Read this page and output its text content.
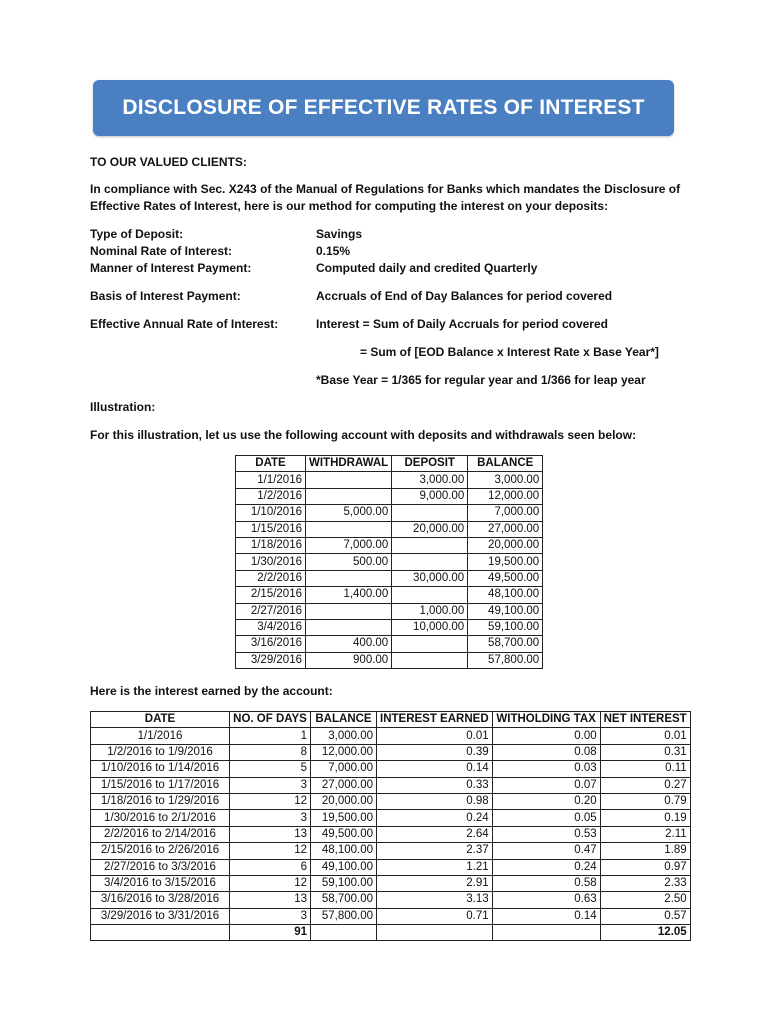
DISCLOSURE OF EFFECTIVE RATES OF INTEREST
TO OUR VALUED CLIENTS:
In compliance with Sec. X243 of the Manual of Regulations for Banks which mandates the Disclosure of
Effective Rates of Interest, here is our method for computing the interest on your deposits:
Type of Deposit:	Savings
Nominal Rate of Interest:	0.15%
Manner of Interest Payment:	Computed daily and credited Quarterly
Basis of Interest Payment:	Accruals of End of Day Balances for period covered
Effective Annual Rate of Interest:	Interest = Sum of Daily Accruals for period covered
= Sum of [EOD Balance x Interest Rate x Base Year*]
*Base Year = 1/365 for regular year and 1/366 for leap year
Illustration:
For this illustration, let us use the following account with deposits and withdrawals seen below:
DATE	WITHDRAWAL	DEPOSIT	BALANCE
1/1/2016		3,000.00	3,000.00
1/2/2016		9,000.00	12,000.00
1/10/2016	5,000.00		7,000.00
1/15/2016		20,000.00	27,000.00
1/18/2016	7,000.00		20,000.00
1/30/2016	500.00		19,500.00
2/2/2016		30,000.00	49,500.00
2/15/2016	1,400.00		48,100.00
2/27/2016		1,000.00	49,100.00
3/4/2016		10,000.00	59,100.00
3/16/2016	400.00		58,700.00
3/29/2016	900.00		57,800.00
Here is the interest earned by the account:
DATE	NO. OF DAYS	BALANCE	INTEREST EARNED	WITHOLDING TAX	NET INTEREST
1/1/2016	1	3,000.00	0.01	0.00	0.01
1/2/2016 to 1/9/2016	8	12,000.00	0.39	0.08	0.31
1/10/2016 to 1/14/2016	5	7,000.00	0.14	0.03	0.11
1/15/2016 to 1/17/2016	3	27,000.00	0.33	0.07	0.27
1/18/2016 to 1/29/2016	12	20,000.00	0.98	0.20	0.79
1/30/2016 to 2/1/2016	3	19,500.00	0.24	0.05	0.19
2/2/2016 to 2/14/2016	13	49,500.00	2.64	0.53	2.11
2/15/2016 to 2/26/2016	12	48,100.00	2.37	0.47	1.89
2/27/2016 to 3/3/2016	6	49,100.00	1.21	0.24	0.97
3/4/2016 to 3/15/2016	12	59,100.00	2.91	0.58	2.33
3/16/2016 to 3/28/2016	13	58,700.00	3.13	0.63	2.50
3/29/2016 to 3/31/2016	3	57,800.00	0.71	0.14	0.57
	91				12.05
